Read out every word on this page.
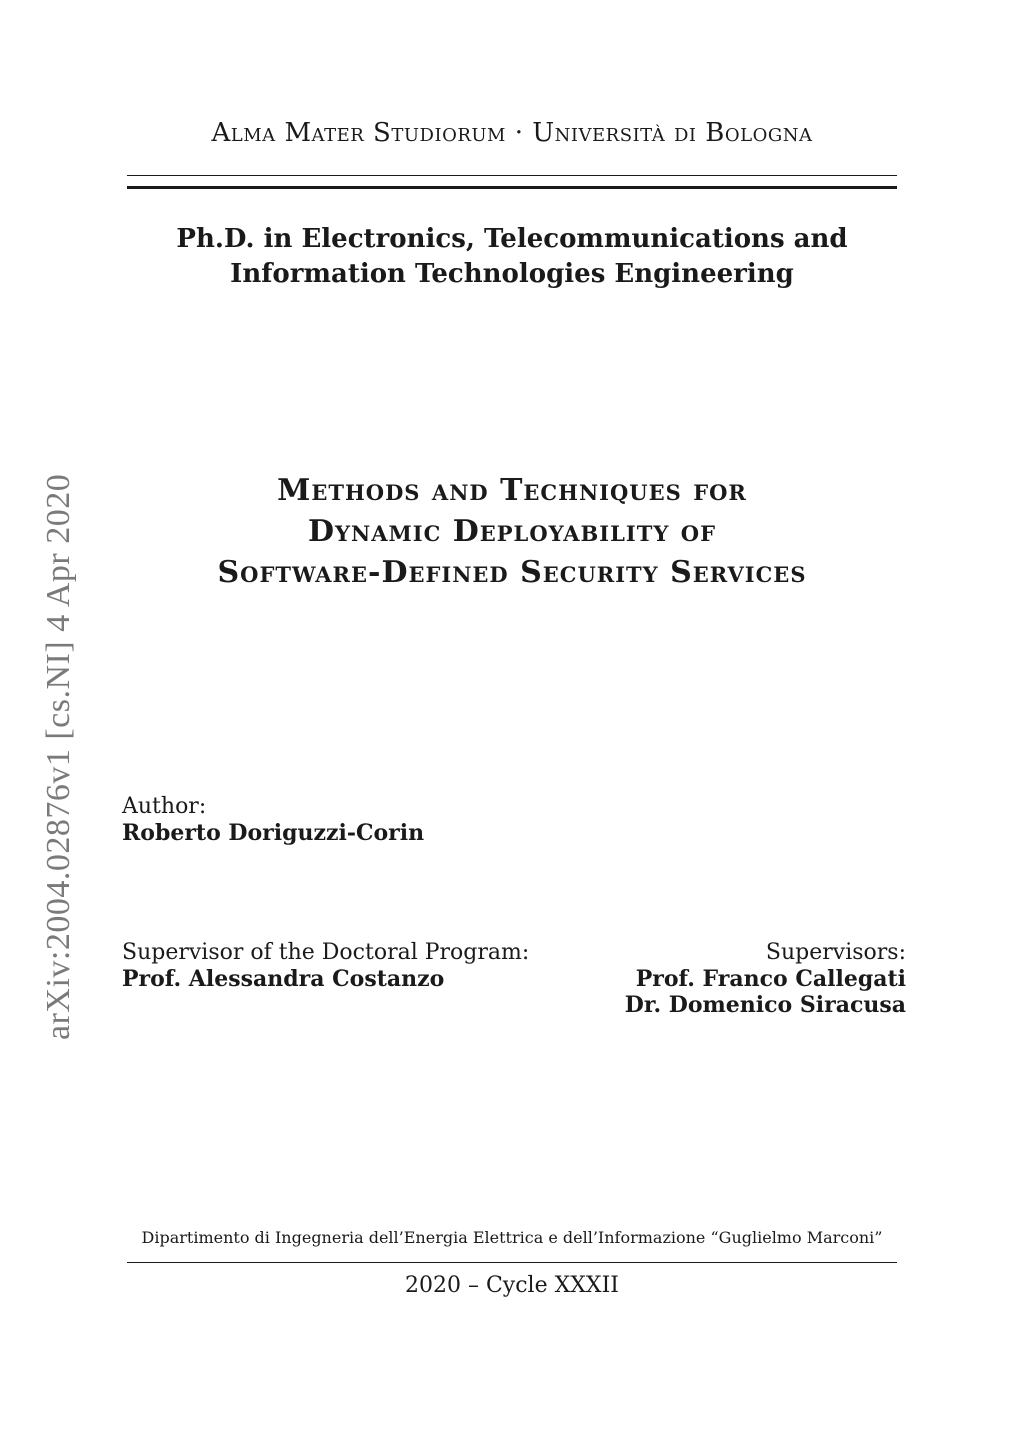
Alma Mater Studiorum · Università di Bologna
Ph.D. in Electronics, Telecommunications and
Information Technologies Engineering
Methods and Techniques for
Dynamic Deployability of
Software-Defined Security Services
Author:
Roberto Doriguzzi-Corin
Supervisor of the Doctoral Program:
Prof. Alessandra Costanzo
Supervisors:
Prof. Franco Callegati
Dr. Domenico Siracusa
Dipartimento di Ingegneria dell’Energia Elettrica e dell’Informazione “Guglielmo Marconi”
2020 – Cycle XXXII
arXiv:2004.02876v1 [cs.NI] 4 Apr 2020
